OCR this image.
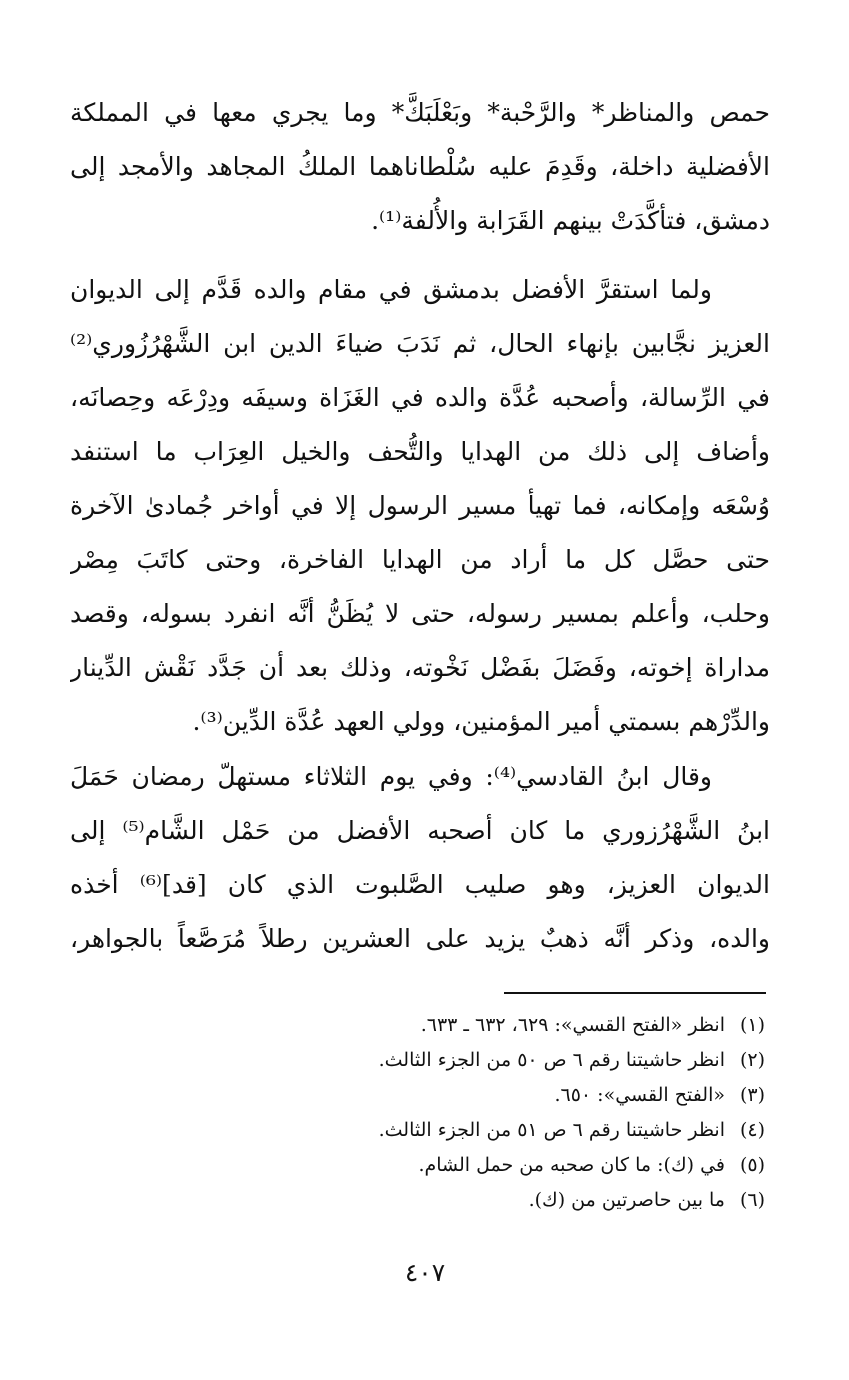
حمص والمناظر* والرَّحْبة* وبَعْلَبَكَّ* وما يجري معها في المملكة
الأفضلية داخلة، وقَدِمَ عليه سُلْطاناهما الملكُ المجاهد والأمجد إلى
دمشق، فتأكَّدَتْ بينهم القَرَابة والأُلفة⁽¹⁾.
ولما استقرَّ الأفضل بدمشق في مقام والده قَدَّم إلى الديوان
العزيز نجَّابين بإنهاء الحال، ثم نَدَبَ ضياءَ الدين ابن الشَّهْرُزُوري⁽²⁾
في الرِّسالة، وأصحبه عُدَّة والده في الغَزَاة وسيفَه ودِرْعَه وحِصانَه،
وأضاف إلى ذلك من الهدايا والتُّحف والخيل العِرَاب ما استنفد
وُسْعَه وإمكانه، فما تهيأ مسير الرسول إلا في أواخر جُمادىٰ الآخرة
حتى حصَّل كل ما أراد من الهدايا الفاخرة، وحتى كاتَبَ مِصْر
وحلب، وأعلم بمسير رسوله، حتى لا يُظَنُّ أنَّه انفرد بسوله، وقصد
مداراة إخوته، وفَضَلَ بفَضْل نَخْوته، وذلك بعد أن جَدَّد نَقْش الدِّينار
والدِّرْهم بسمتي أمير المؤمنين، وولي العهد عُدَّة الدِّين⁽³⁾.
وقال ابنُ القادسي⁽⁴⁾: وفي يوم الثلاثاء مستهلّ رمضان حَمَلَ
ابنُ الشَّهْرُزوري ما كان أصحبه الأفضل من حَمْل الشَّام⁽⁵⁾ إلى
الديوان العزيز، وهو صليب الصَّلبوت الذي كان [قد]⁽⁶⁾ أخذه
والده، وذكر أنَّه ذهبٌ يزيد على العشرين رطلاً مُرَصَّعاً بالجواهر،
(١)انظر «الفتح القسي»: ٦٢٩، ٦٣٢ ـ ٦٣٣.
(٢)انظر حاشيتنا رقم ٦ ص ٥٠ من الجزء الثالث.
(٣)«الفتح القسي»: ٦٥٠.
(٤)انظر حاشيتنا رقم ٦ ص ٥١ من الجزء الثالث.
(٥)في (ك): ما كان صحبه من حمل الشام.
(٦)ما بين حاصرتين من (ك).
٤٠٧
